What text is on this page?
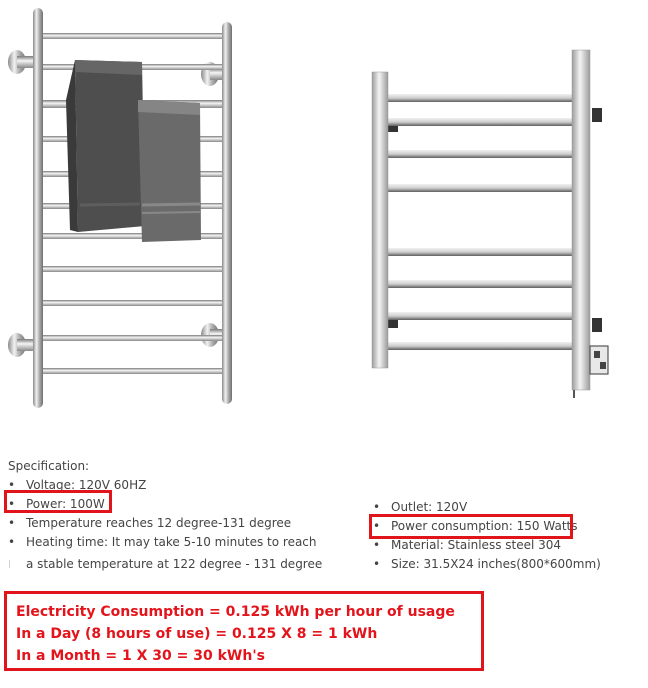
Specification:
• Voltage: 120V 60HZ
• Power: 100W
• Temperature reaches 12 degree-131 degree
• Heating time: It may take 5-10 minutes to reach
| a stable temperature at 122 degree - 131 degree
• Outlet: 120V
• Power consumption: 150 Watts
• Material: Stainless steel 304
• Size: 31.5X24 inches(800*600mm)
Electricity Consumption = 0.125 kWh per hour of usage
In a Day (8 hours of use) = 0.125 X 8 = 1 kWh
In a Month = 1 X 30 = 30 kWh's
